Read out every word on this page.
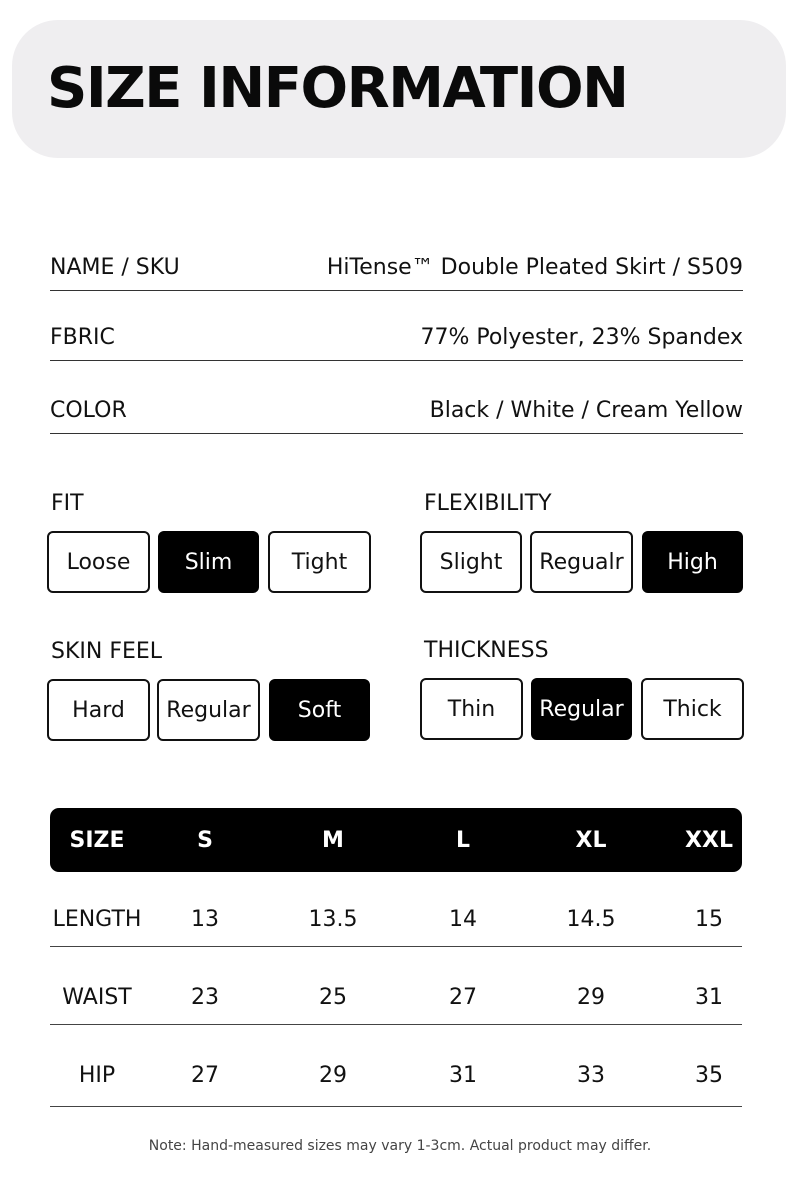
SIZE INFORMATION
NAME / SKU	HiTense™ Double Pleated Skirt / S509
FBRIC	77% Polyester, 23% Spandex
COLOR	Black / White / Cream Yellow
FIT
Loose	Slim	Tight
FLEXIBILITY
Slight	Regualr	High
SKIN FEEL
Hard	Regular	Soft
THICKNESS
Thin	Regular	Thick
SIZE	S	M	L	XL	XXL
LENGTH 13	13.5	14	14.5	15
WAIST	23	25	27	29	31
HIP	27	29	31	33	35
Note: Hand-measured sizes may vary 1-3cm. Actual product may differ.
